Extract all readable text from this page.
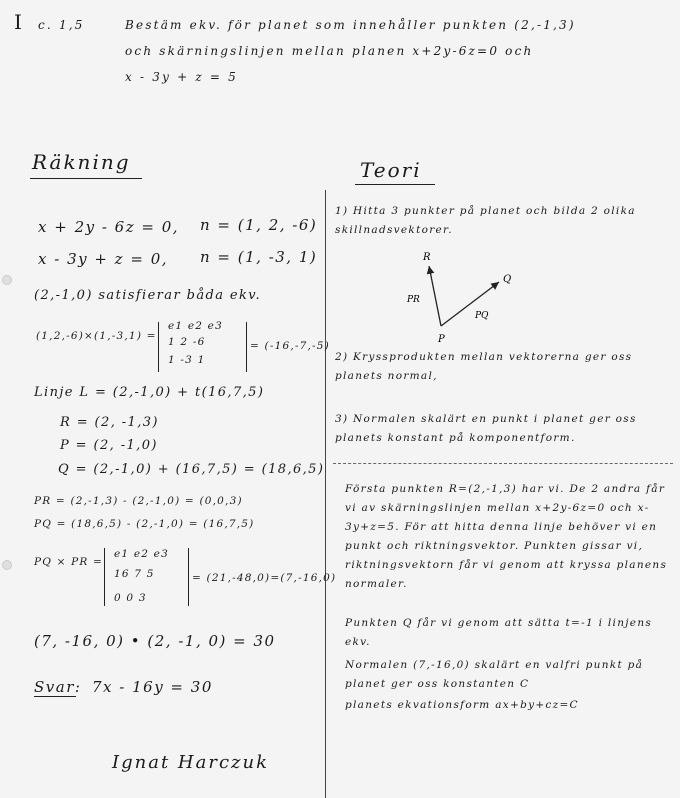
I c. 1,5	Bestäm ekv. för planet som innehåller punkten (2,-1,3)
och skärningslinjen mellan planen x+2y-6z=0 och
x - 3y + z = 5
Räkning	Teori
x + 2y - 6z = 0, n = (1, 2, -6)
x - 3y + z = 0, n = (1, -3, 1)
(2,-1,0) satisfierar båda ekv.
(1,2,-6)×(1,-3,1) =
e1 e2 e3
1 2 -6
1 -3 1
= (-16,-7,-5)
Linje L = (2,-1,0) + t(16,7,5)
R = (2, -1,3)
P = (2, -1,0)
Q = (2,-1,0) + (16,7,5) = (18,6,5)
PR = (2,-1,3) - (2,-1,0) = (0,0,3)
PQ = (18,6,5) - (2,-1,0) = (16,7,5)
PQ × PR =
e1 e2 e3
16 7 5
0 0 3
= (21,-48,0)=(7,-16,0)
(7, -16, 0) • (2, -1, 0) = 30
Svar: 7x - 16y = 30
Ignat Harczuk
1) Hitta 3 punkter på planet och bilda 2 olika skillnadsvektorer.
R
P
Q
PR
PQ
2) Kryssprodukten mellan vektorerna ger oss planets normal,
3) Normalen skalärt en punkt i planet ger oss planets konstant på komponentform.
Första punkten R=(2,-1,3) har vi. De 2 andra får vi av skärningslinjen mellan x+2y-6z=0 och x-3y+z=5. För att hitta denna linje behöver vi en punkt och riktningsvektor. Punkten gissar vi, riktningsvektorn får vi genom att kryssa planens normaler.
Punkten Q får vi genom att sätta t=-1 i linjens ekv.
Normalen (7,-16,0) skalärt en valfri punkt på planet ger oss konstanten C
planets ekvationsform ax+by+cz=C
